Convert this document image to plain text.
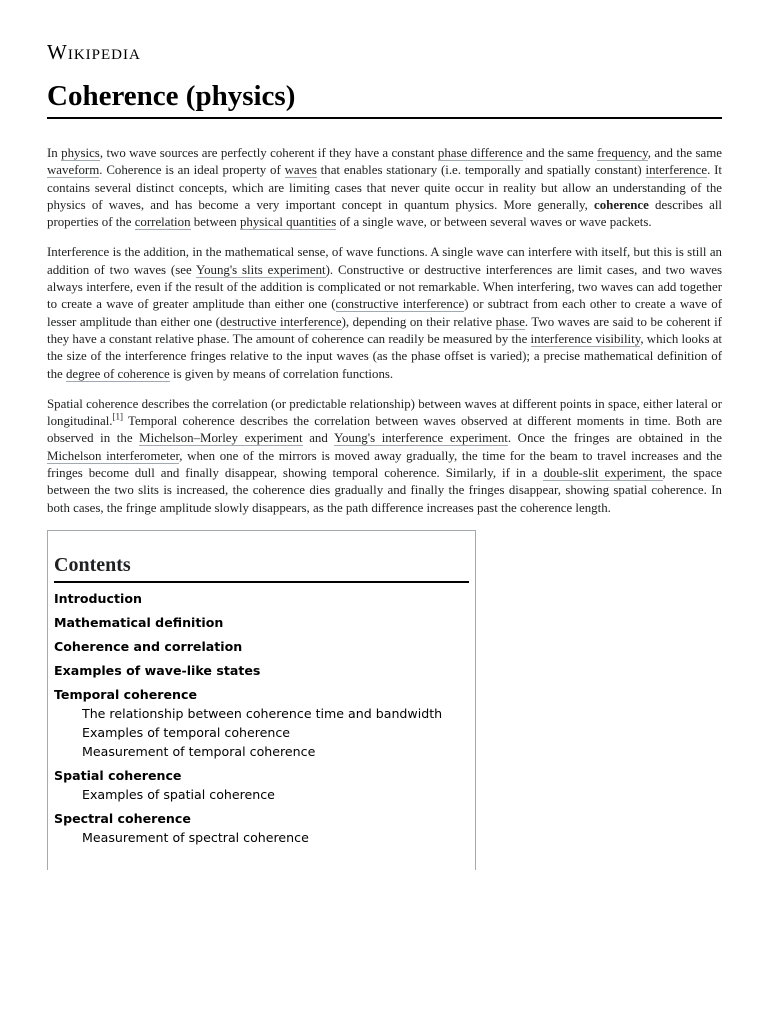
Wikipedia
Coherence (physics)

In physics, two wave sources are perfectly coherent if they have a constant phase difference and the same frequency, and the same waveform. Coherence is an ideal property of waves that enables stationary (i.e. temporally and spatially constant) interference. It contains several distinct concepts, which are limiting cases that never quite occur in reality but allow an understanding of the physics of waves, and has become a very important concept in quantum physics. More generally, coherence describes all properties of the correlation between physical quantities of a single wave, or between several waves or wave packets.

Interference is the addition, in the mathematical sense, of wave functions. A single wave can interfere with itself, but this is still an addition of two waves (see Young's slits experiment). Constructive or destructive interferences are limit cases, and two waves always interfere, even if the result of the addition is complicated or not remarkable. When interfering, two waves can add together to create a wave of greater amplitude than either one (constructive interference) or subtract from each other to create a wave of lesser amplitude than either one (destructive interference), depending on their relative phase. Two waves are said to be coherent if they have a constant relative phase. The amount of coherence can readily be measured by the interference visibility, which looks at the size of the interference fringes relative to the input waves (as the phase offset is varied); a precise mathematical definition of the degree of coherence is given by means of correlation functions.

Spatial coherence describes the correlation (or predictable relationship) between waves at different points in space, either lateral or longitudinal.[1] Temporal coherence describes the correlation between waves observed at different moments in time. Both are observed in the Michelson–Morley experiment and Young's interference experiment. Once the fringes are obtained in the Michelson interferometer, when one of the mirrors is moved away gradually, the time for the beam to travel increases and the fringes become dull and finally disappear, showing temporal coherence. Similarly, if in a double-slit experiment, the space between the two slits is increased, the coherence dies gradually and finally the fringes disappear, showing spatial coherence. In both cases, the fringe amplitude slowly disappears, as the path difference increases past the coherence length.

Contents
Introduction
Mathematical definition
Coherence and correlation
Examples of wave-like states
Temporal coherence
The relationship between coherence time and bandwidth
Examples of temporal coherence
Measurement of temporal coherence
Spatial coherence
Examples of spatial coherence
Spectral coherence
Measurement of spectral coherence
